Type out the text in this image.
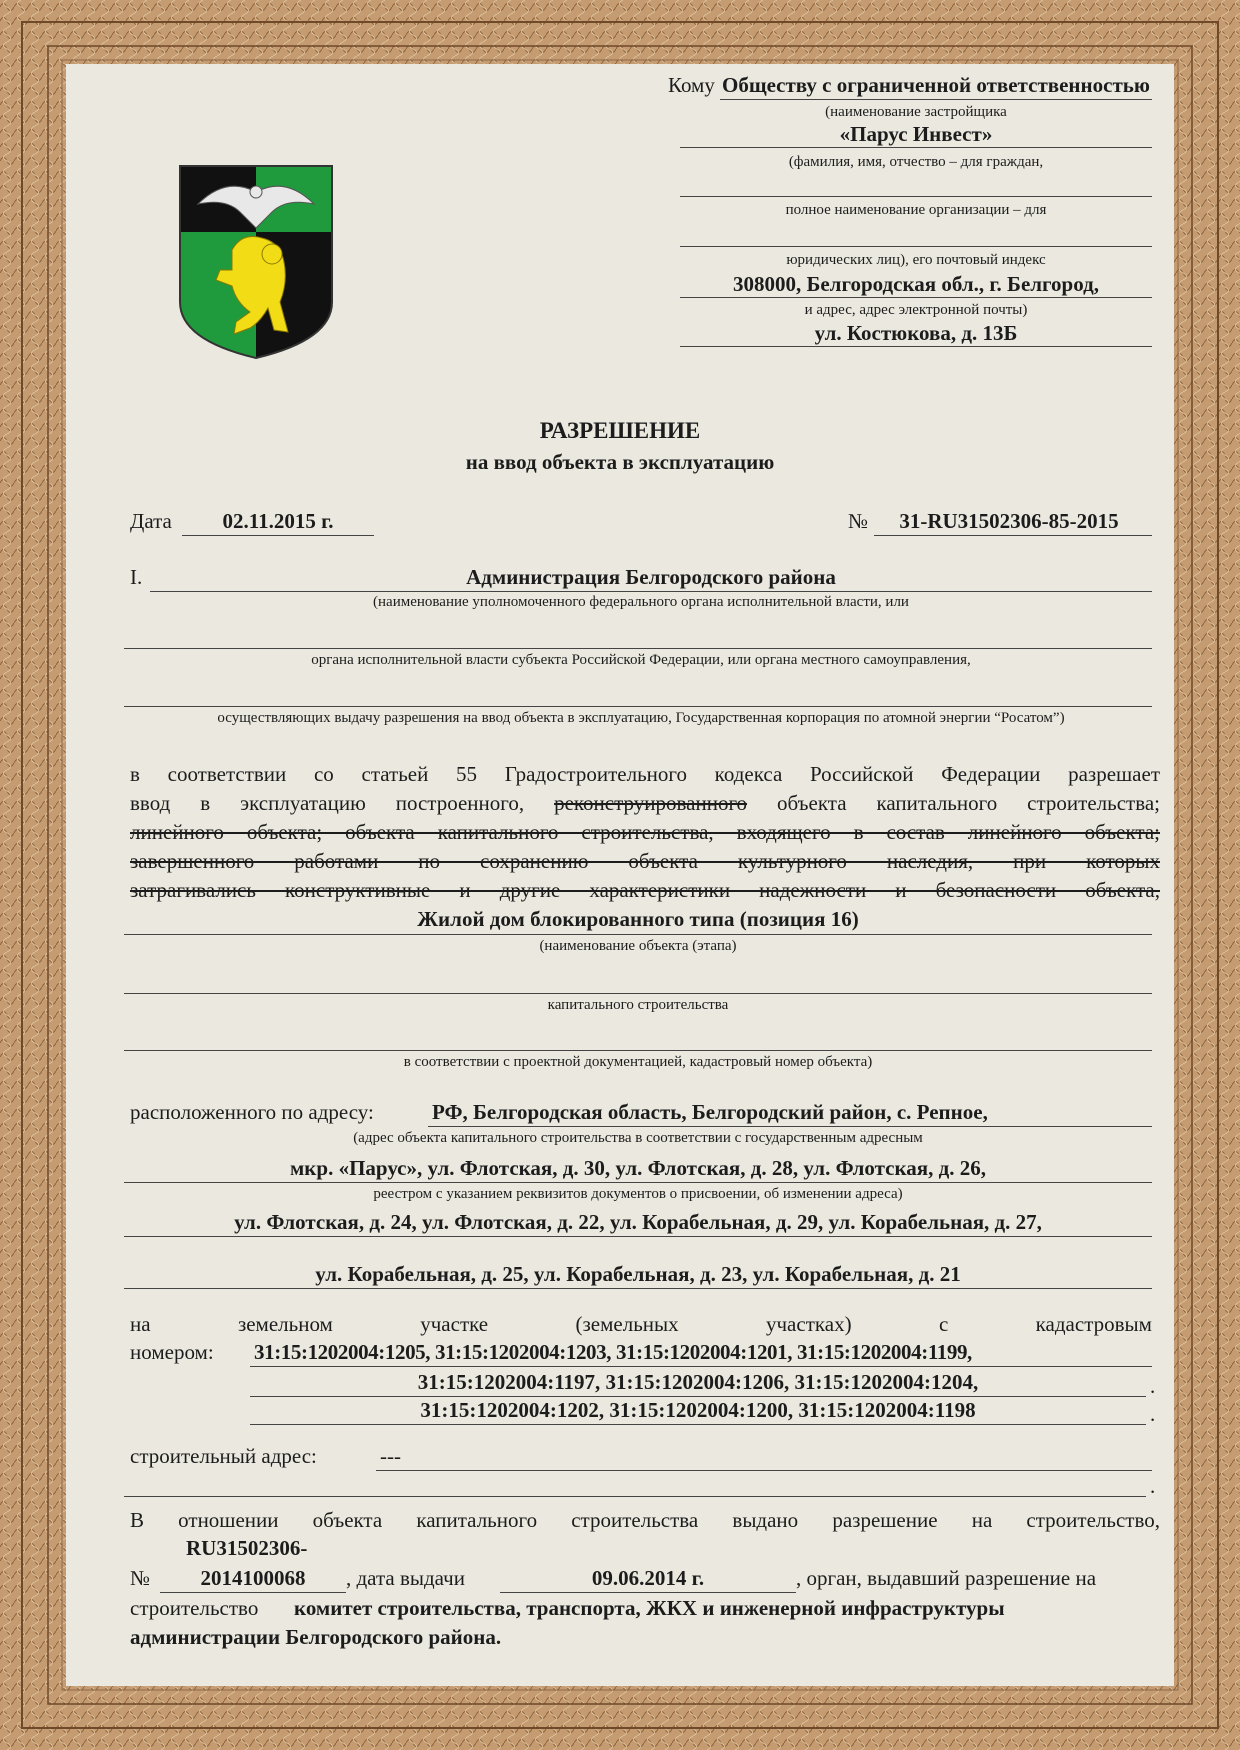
Кому Обществу с ограниченной ответственностью
(наименование застройщика
«Парус Инвест»
(фамилия, имя, отчество – для граждан,
полное наименование организации – для
юридических лиц), его почтовый индекс
308000, Белгородская обл., г. Белгород,
и адрес, адрес электронной почты)
ул. Костюкова, д. 13Б
РАЗРЕШЕНИЕ
на ввод объекта в эксплуатацию
Дата	02.11.2015 г.	№	31-RU31502306-85-2015
I.	Администрация Белгородского района
(наименование уполномоченного федерального органа исполнительной власти, или
органа исполнительной власти субъекта Российской Федерации, или органа местного самоуправления,
осуществляющих выдачу разрешения на ввод объекта в эксплуатацию, Государственная корпорация по атомной энергии “Росатом”)
в соответствии со статьей 55 Градостроительного кодекса Российской Федерации разрешает
ввод в эксплуатацию построенного, реконструированного объекта капитального строительства;
линейного объекта; объекта капитального строительства, входящего в состав линейного объекта;
завершенного работами по сохранению объекта культурного наследия, при которых
затрагивались конструктивные и другие характеристики надежности и безопасности объекта,
Жилой дом блокированного типа (позиция 16)
(наименование объекта (этапа)
капитального строительства
в соответствии с проектной документацией, кадастровый номер объекта)
расположенного по адресу:	РФ, Белгородская область, Белгородский район, с. Репное,
(адрес объекта капитального строительства в соответствии с государственным адресным
мкр. «Парус», ул. Флотская, д. 30, ул. Флотская, д. 28, ул. Флотская, д. 26,
реестром с указанием реквизитов документов о присвоении, об изменении адреса)
ул. Флотская, д. 24, ул. Флотская, д. 22, ул. Корабельная, д. 29, ул. Корабельная, д. 27,
ул. Корабельная, д. 25, ул. Корабельная, д. 23, ул. Корабельная, д. 21
на	земельном	участке	(земельных	участках)	с	кадастровым
номером: 31:15:1202004:1205, 31:15:1202004:1203, 31:15:1202004:1201, 31:15:1202004:1199,
31:15:1202004:1197, 31:15:1202004:1206, 31:15:1202004:1204,	.
31:15:1202004:1202, 31:15:1202004:1200, 31:15:1202004:1198	.
строительный адрес:	---
.
В отношении объекта капитального строительства выдано разрешение на строительство,
RU31502306-
№	2014100068	, дата выдачи	09.06.2014 г.	, орган, выдавший разрешение на
строительство комитет строительства, транспорта, ЖКХ и инженерной инфраструктуры
администрации Белгородского района.
